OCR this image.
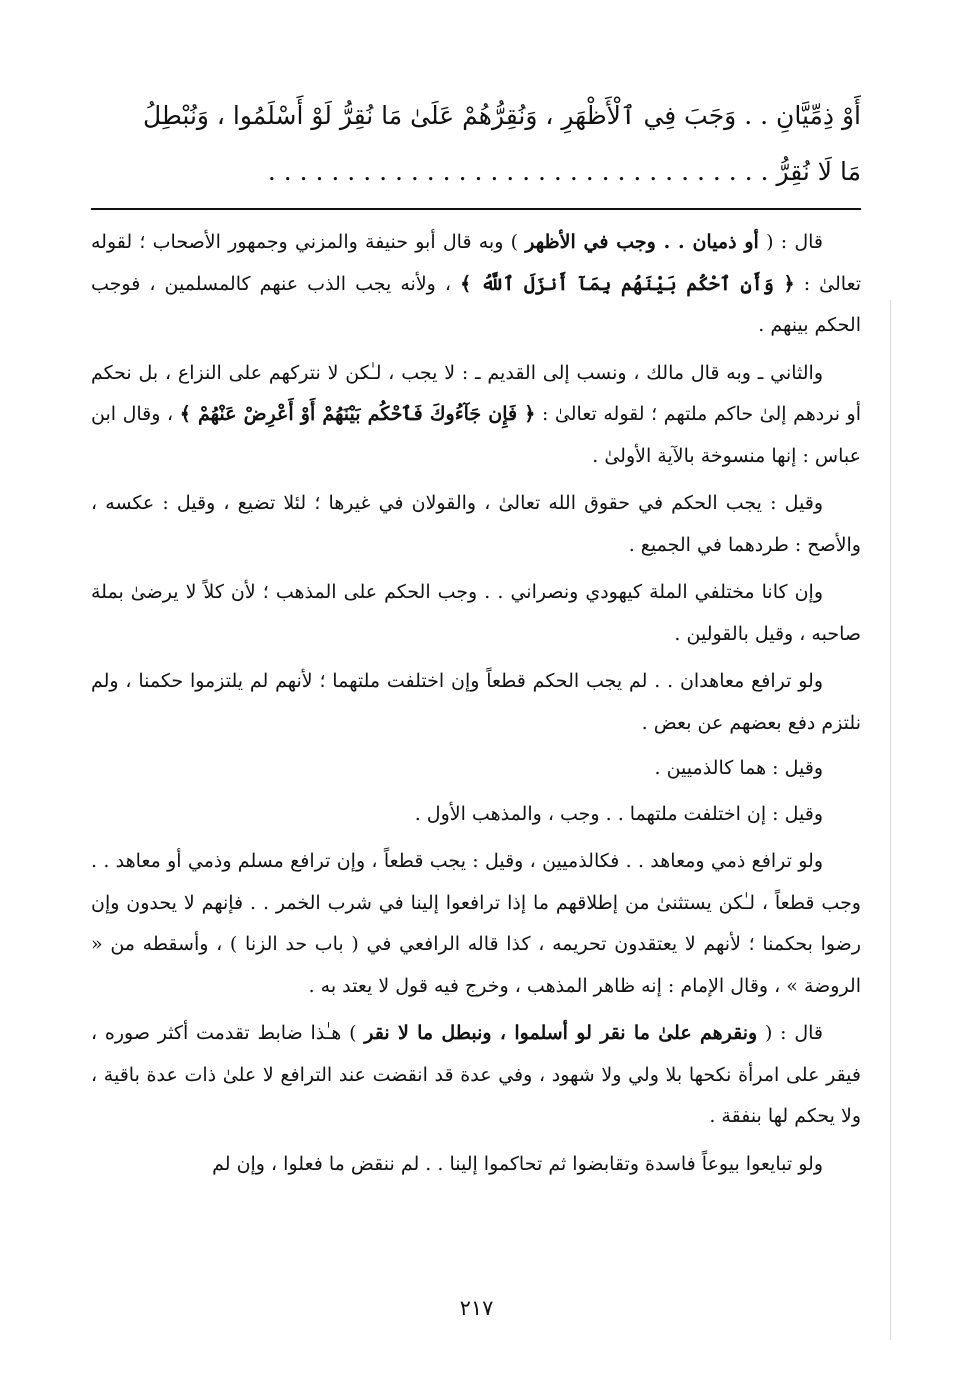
أَوْ ذِمِّيَّانِ . . وَجَبَ فِي ٱلْأَظْهَرِ ، وَنُقِرُّهُمْ عَلَىٰ مَا نُقِرُّ لَوْ أَسْلَمُوا ، وَنُبْطِلُ

مَا لَا نُقِرُّ . . . . . . . . . . . . . . . . . . . . . . . . . . . . . . . .

قال : ( أو ذميان . . وجب في الأظهر ) وبه قال أبو حنيفة والمزني وجمهور الأصحاب ؛ لقوله تعالىٰ : ﴿ وَأَنِ ٱحْكُم بَيْنَهُم بِمَآ أَنزَلَ ٱللَّهُ ﴾ ، ولأنه يجب الذب عنهم كالمسلمين ، فوجب الحكم بينهم .

والثاني ـ وبه قال مالك ، ونسب إلى القديم ـ : لا يجب ، لـٰكن لا نتركهم على النزاع ، بل نحكم أو نردهم إلىٰ حاكم ملتهم ؛ لقوله تعالىٰ : ﴿ فَإِن جَآءُوكَ فَٱحْكُم بَيْنَهُمْ أَوْ أَعْرِضْ عَنْهُمْ ﴾ ، وقال ابن عباس : إنها منسوخة بالآية الأولىٰ .

وقيل : يجب الحكم في حقوق الله تعالىٰ ، والقولان في غيرها ؛ لئلا تضيع ، وقيل : عكسه ، والأصح : طردهما في الجميع .

وإن كانا مختلفي الملة كيهودي ونصراني . . وجب الحكم على المذهب ؛ لأن كلاً لا يرضىٰ بملة صاحبه ، وقيل بالقولين .

ولو ترافع معاهدان . . لم يجب الحكم قطعاً وإن اختلفت ملتهما ؛ لأنهم لم يلتزموا حكمنا ، ولم نلتزم دفع بعضهم عن بعض .

وقيل : هما كالذميين .

وقيل : إن اختلفت ملتهما . . وجب ، والمذهب الأول .

ولو ترافع ذمي ومعاهد . . فكالذميين ، وقيل : يجب قطعاً ، وإن ترافع مسلم وذمي أو معاهد . . وجب قطعاً ، لـٰكن يستثنىٰ من إطلاقهم ما إذا ترافعوا إلينا في شرب الخمر . . فإنهم لا يحدون وإن رضوا بحكمنا ؛ لأنهم لا يعتقدون تحريمه ، كذا قاله الرافعي في ( باب حد الزنا ) ، وأسقطه من « الروضة » ، وقال الإمام : إنه ظاهر المذهب ، وخرج فيه قول لا يعتد به .

قال : ( ونقرهم علىٰ ما نقر لو أسلموا ، ونبطل ما لا نقر ) هـٰذا ضابط تقدمت أكثر صوره ، فيقر على امرأة نكحها بلا ولي ولا شهود ، وفي عدة قد انقضت عند الترافع لا علىٰ ذات عدة باقية ، ولا يحكم لها بنفقة .

ولو تبايعوا بيوعاً فاسدة وتقابضوا ثم تحاكموا إلينا . . لم ننقض ما فعلوا ، وإن لم

٢١٧
